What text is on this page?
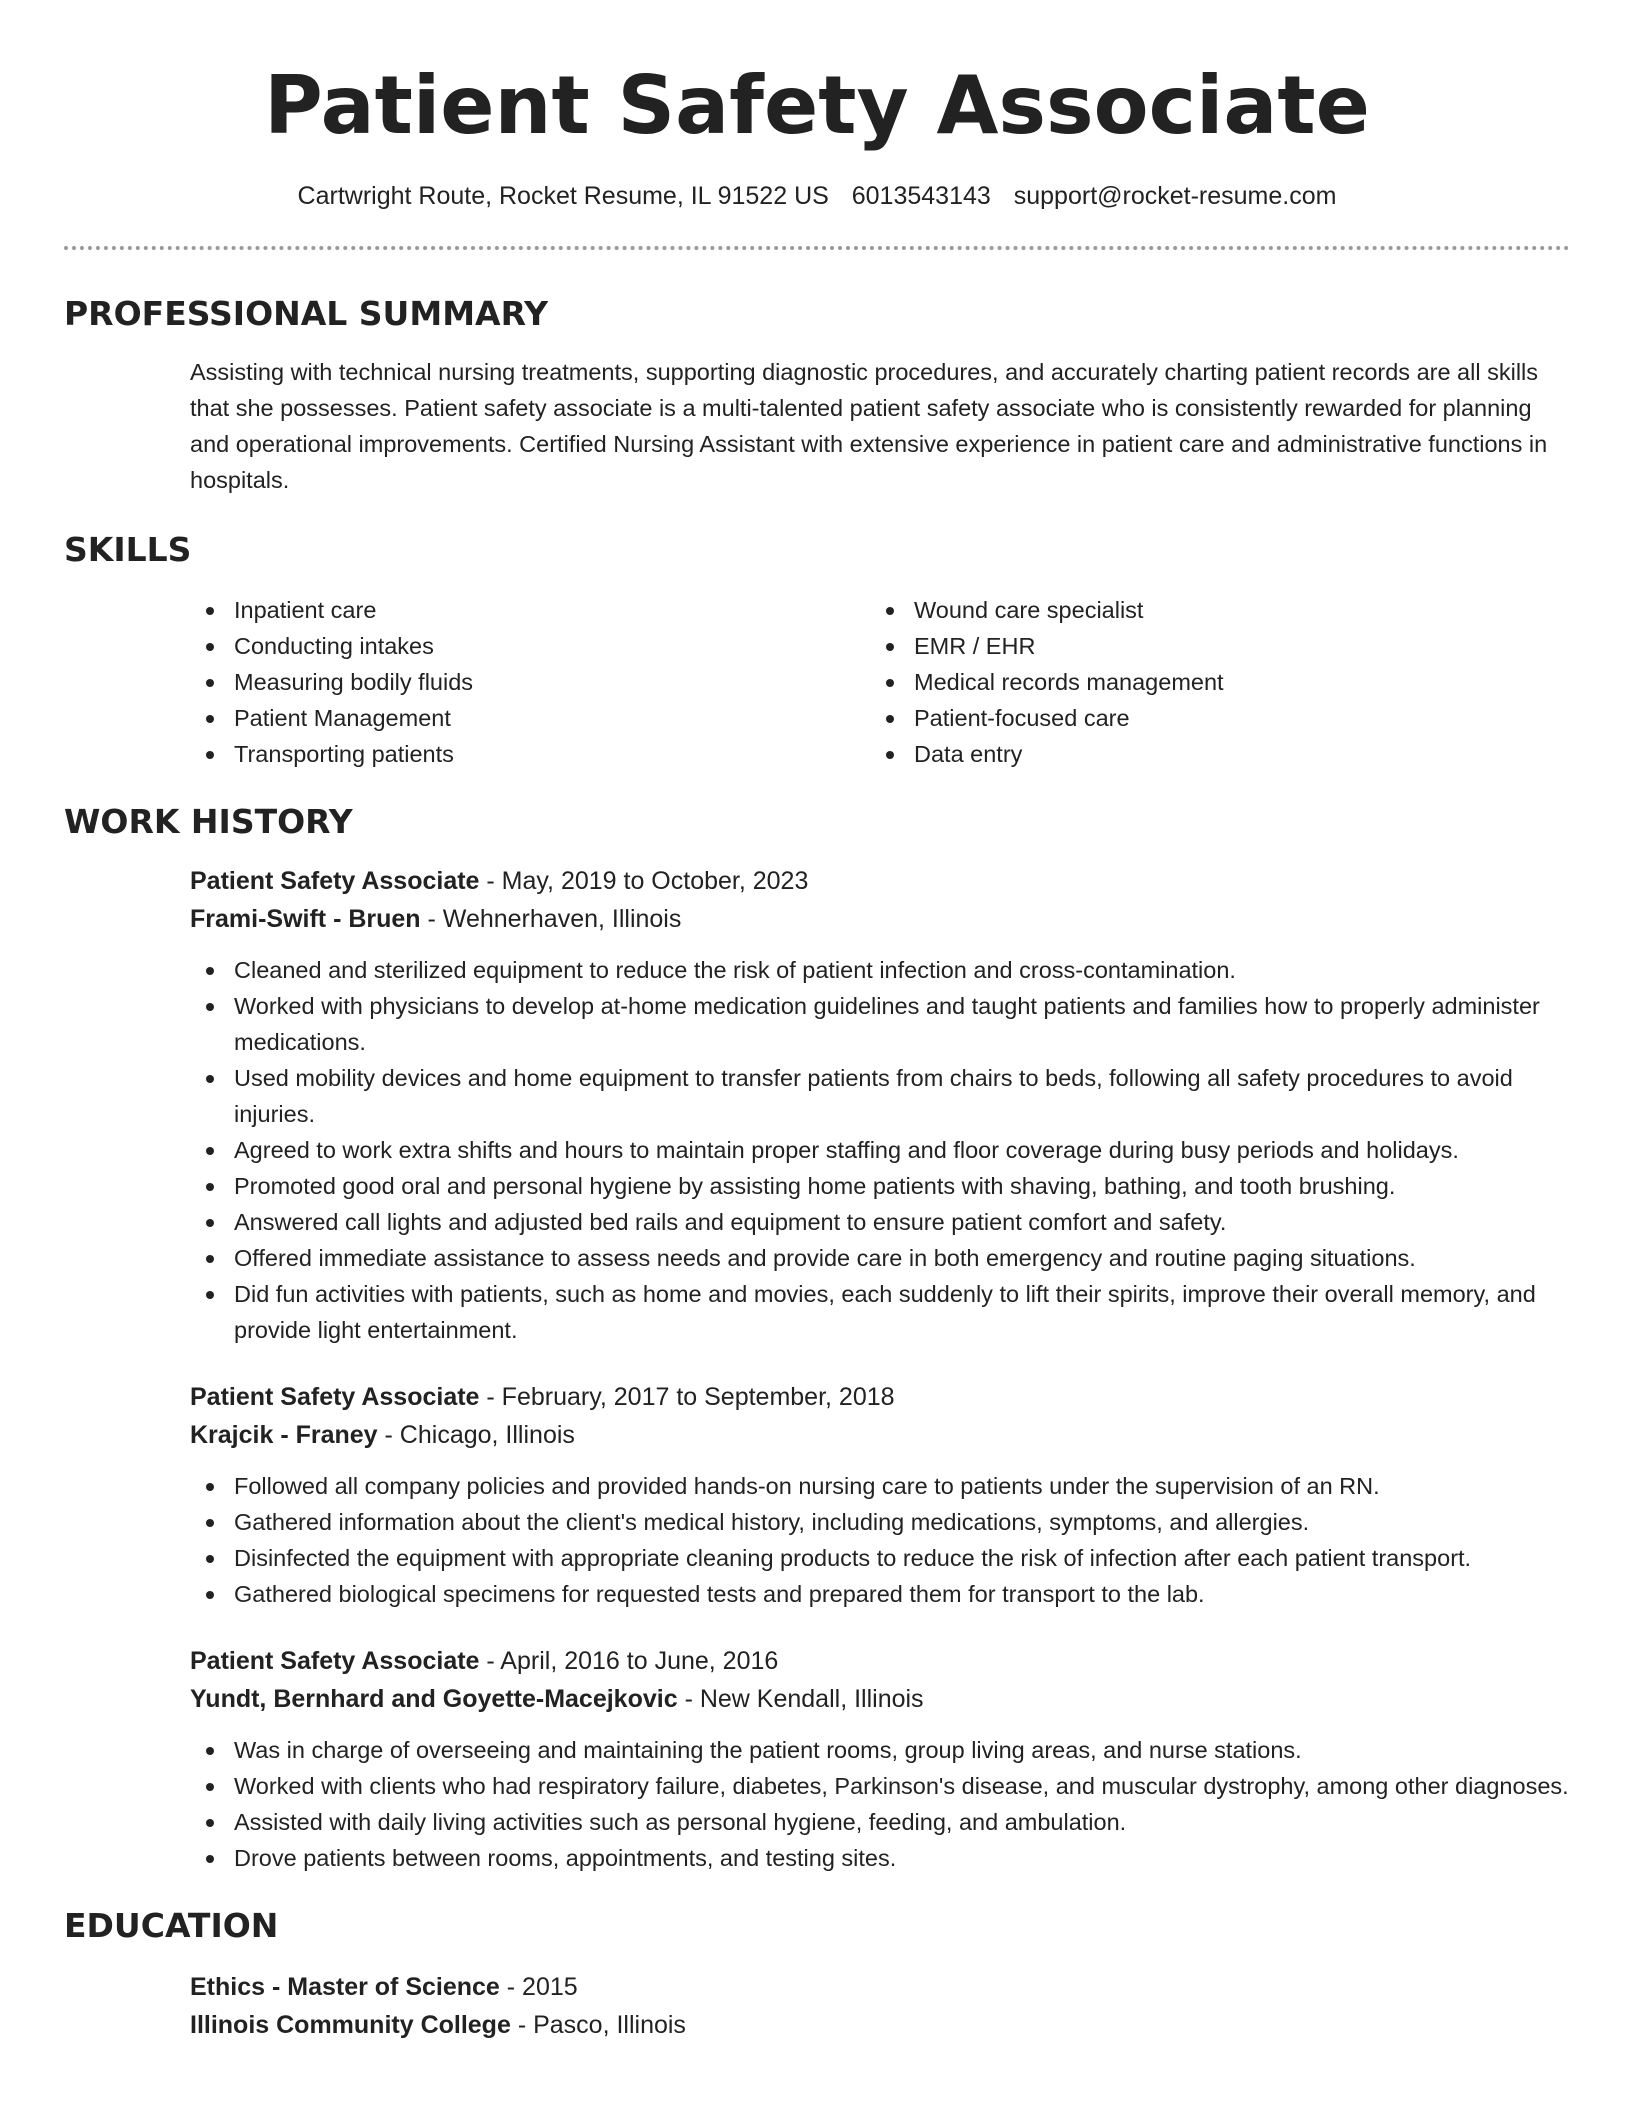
Patient Safety Associate
Cartwright Route, Rocket Resume, IL 91522 US 6013543143 support@rocket-resume.com
PROFESSIONAL SUMMARY

Assisting with technical nursing treatments, supporting diagnostic procedures, and accurately charting patient records are all skills that she possesses. Patient safety associate is a multi-talented patient safety associate who is consistently rewarded for planning and operational improvements. Certified Nursing Assistant with extensive experience in patient care and administrative functions in hospitals.

SKILLS
Inpatient care
Conducting intakes
Measuring bodily fluids
Patient Management
Transporting patients
Wound care specialist
EMR / EHR
Medical records management
Patient-focused care
Data entry
WORK HISTORY
Patient Safety Associate - May, 2019 to October, 2023
Frami-Swift - Bruen - Wehnerhaven, Illinois
Cleaned and sterilized equipment to reduce the risk of patient infection and cross-contamination.
Worked with physicians to develop at-home medication guidelines and taught patients and families how to properly administer medications.
Used mobility devices and home equipment to transfer patients from chairs to beds, following all safety procedures to avoid injuries.
Agreed to work extra shifts and hours to maintain proper staffing and floor coverage during busy periods and holidays.
Promoted good oral and personal hygiene by assisting home patients with shaving, bathing, and tooth brushing.
Answered call lights and adjusted bed rails and equipment to ensure patient comfort and safety.
Offered immediate assistance to assess needs and provide care in both emergency and routine paging situations.
Did fun activities with patients, such as home and movies, each suddenly to lift their spirits, improve their overall memory, and provide light entertainment.
Patient Safety Associate - February, 2017 to September, 2018
Krajcik - Franey - Chicago, Illinois
Followed all company policies and provided hands-on nursing care to patients under the supervision of an RN.
Gathered information about the client's medical history, including medications, symptoms, and allergies.
Disinfected the equipment with appropriate cleaning products to reduce the risk of infection after each patient transport.
Gathered biological specimens for requested tests and prepared them for transport to the lab.
Patient Safety Associate - April, 2016 to June, 2016
Yundt, Bernhard and Goyette-Macejkovic - New Kendall, Illinois
Was in charge of overseeing and maintaining the patient rooms, group living areas, and nurse stations.
Worked with clients who had respiratory failure, diabetes, Parkinson's disease, and muscular dystrophy, among other diagnoses.
Assisted with daily living activities such as personal hygiene, feeding, and ambulation.
Drove patients between rooms, appointments, and testing sites.
EDUCATION
Ethics - Master of Science - 2015
Illinois Community College - Pasco, Illinois
